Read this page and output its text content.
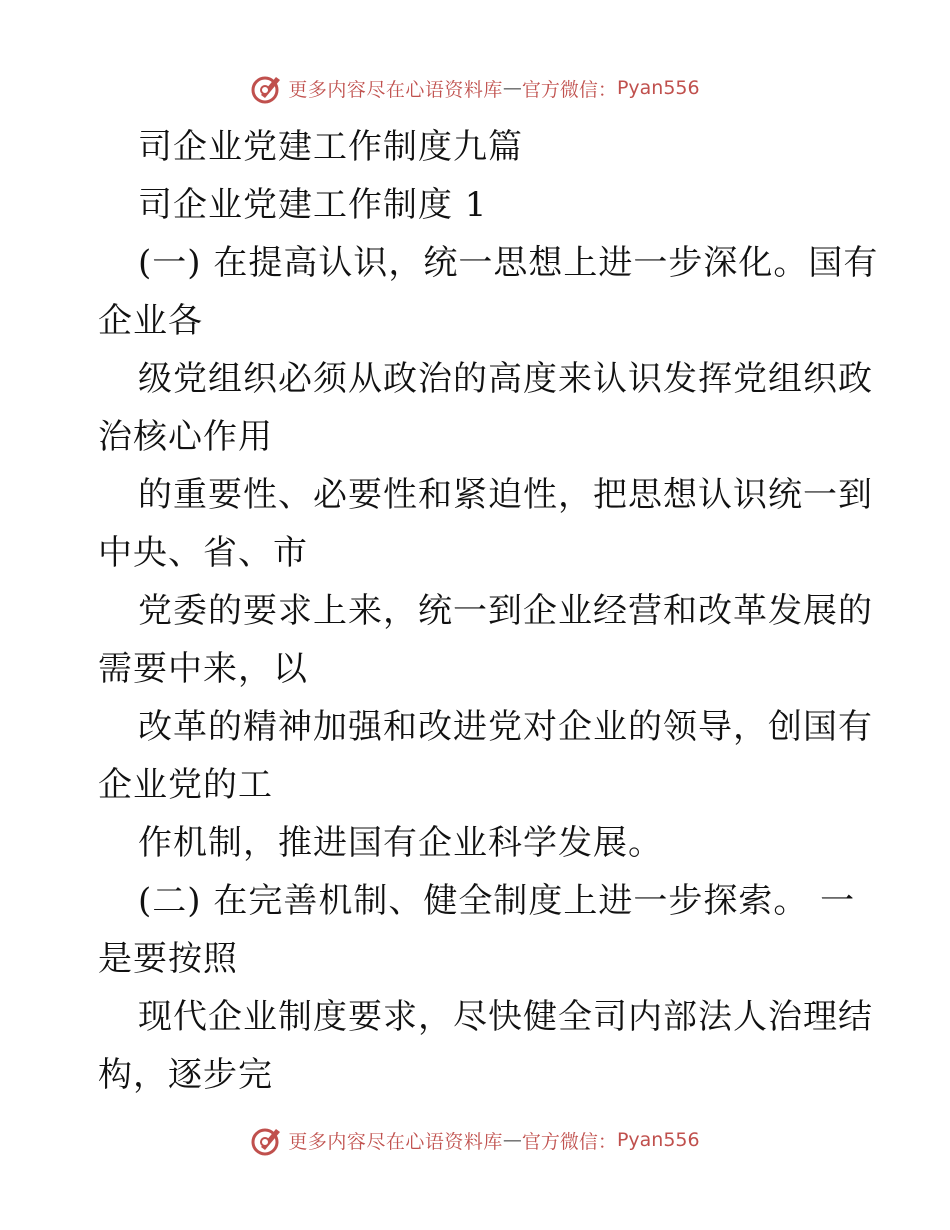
更多内容尽在心语资料库 — 官方微信： Pyan556
司企业党建工作制度九篇
司企业党建工作制度 1
(一) 在提高认识，统一思想上进一步深化。国有
企业各
级党组织必须从政治的高度来认识发挥党组织政
治核心作用
的重要性、必要性和紧迫性，把思想认识统一到
中央、省、市
党委的要求上来，统一到企业经营和改革发展的
需要中来，以
改革的精神加强和改进党对企业的领导，创国有
企业党的工
作机制，推进国有企业科学发展。
(二) 在完善机制、健全制度上进一步探索。 一
是要按照
现代企业制度要求，尽快健全司内部法人治理结
构，逐步完
更多内容尽在心语资料库 — 官方微信： Pyan556
